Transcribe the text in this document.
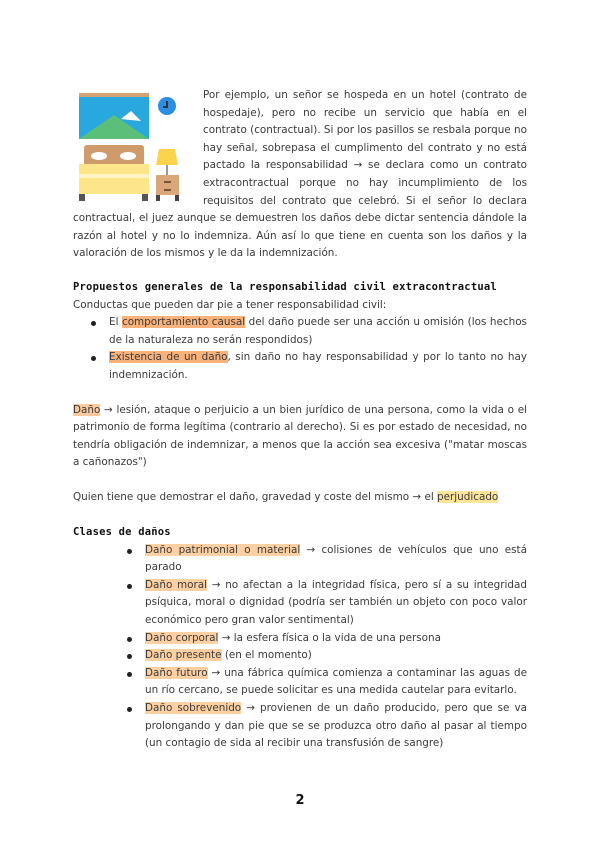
Por ejemplo, un señor se hospeda en un hotel (contrato de hospedaje), pero no recibe un servicio que había en el contrato (contractual). Si por los pasillos se resbala porque no hay señal, sobrepasa el cumplimento del contrato y no está pactado la responsabilidad → se declara como un contrato extracontractual porque no hay incumplimiento de los requisitos del contrato que celebró. Si el señor lo declara contractual, el juez aunque se demuestren los daños debe dictar sentencia dándole la razón al hotel y no lo indemniza. Aún así lo que tiene en cuenta son los daños y la valoración de los mismos y le da la indemnización.

Propuestos generales de la responsabilidad civil extracontractual

Conductas que pueden dar pie a tener responsabilidad civil:

El comportamiento causal del daño puede ser una acción u omisión (los hechos de la naturaleza no serán respondidos)
Existencia de un daño, sin daño no hay responsabilidad y por lo tanto no hay indemnización.

Daño → lesión, ataque o perjuicio a un bien jurídico de una persona, como la vida o el patrimonio de forma legítima (contrario al derecho). Si es por estado de necesidad, no tendría obligación de indemnizar, a menos que la acción sea excesiva ("matar moscas a cañonazos")

Quien tiene que demostrar el daño, gravedad y coste del mismo → el perjudicado

Clases de daños
Daño patrimonial o material → colisiones de vehículos que uno está parado
Daño moral → no afectan a la integridad física, pero sí a su integridad psíquica, moral o dignidad (podría ser también un objeto con poco valor económico pero gran valor sentimental)
Daño corporal → la esfera física o la vida de una persona
Daño presente (en el momento)
Daño futuro → una fábrica química comienza a contaminar las aguas de un río cercano, se puede solicitar es una medida cautelar para evitarlo.
Daño sobrevenido → provienen de un daño producido, pero que se va prolongando y dan pie que se se produzca otro daño al pasar al tiempo (un contagio de sida al recibir una transfusión de sangre)
2
